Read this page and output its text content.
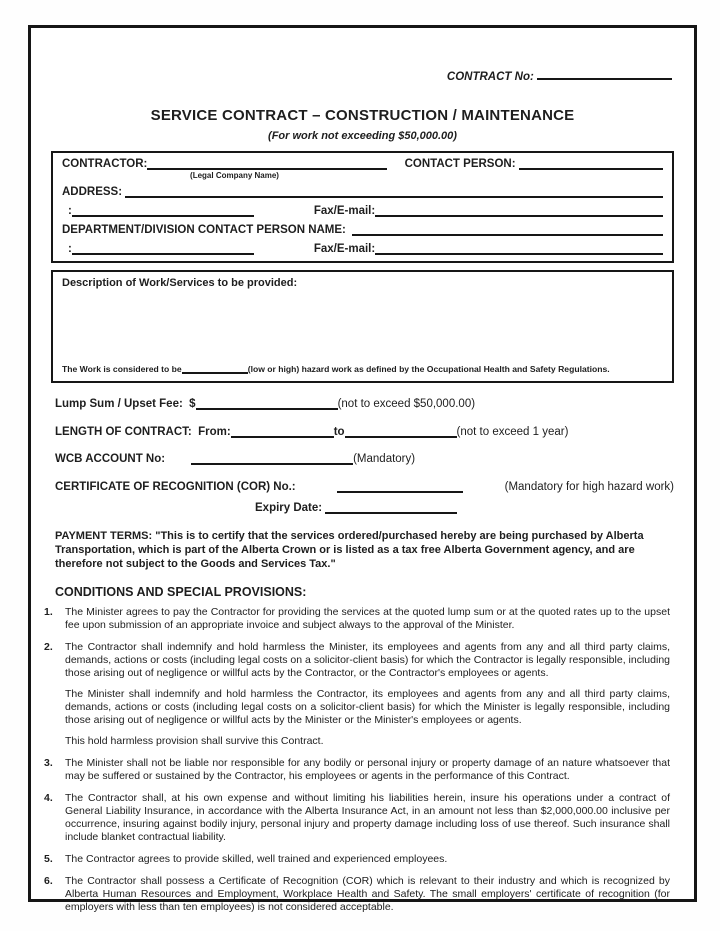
CONTRACT No:

SERVICE CONTRACT – CONSTRUCTION / MAINTENANCE
(For work not exceeding $50,000.00)
CONTRACTOR:	CONTACT PERSON:
(Legal Company Name)
ADDRESS:
:	Fax/E-mail:
DEPARTMENT/DIVISION CONTACT PERSON NAME:
:	Fax/E-mail:
Description of Work/Services to be provided:
The Work is considered to be	(low or high) hazard work as defined by the Occupational Health and Safety Regulations.
Lump Sum / Upset Fee:  $	(not to exceed $50,000.00)
LENGTH OF CONTRACT:  From:	to	(not to exceed 1 year)
WCB ACCOUNT No:	(Mandatory)
CERTIFICATE OF RECOGNITION (COR) No.:	(Mandatory for high hazard work)
Expiry Date:
PAYMENT TERMS: "This is to certify that the services ordered/purchased hereby are being purchased by Alberta Transportation, which is part of the Alberta Crown or is listed as a tax free Alberta Government agency, and are therefore not subject to the Goods and Services Tax."
CONDITIONS AND SPECIAL PROVISIONS:
1.	The Minister agrees to pay the Contractor for providing the services at the quoted lump sum or at the quoted rates up to the upset fee upon submission of an appropriate invoice and subject always to the approval of the Minister.

2.	The Contractor shall indemnify and hold harmless the Minister, its employees and agents from any and all third party claims, demands, actions or costs (including legal costs on a solicitor-client basis) for which the Contractor is legally responsible, including those arising out of negligence or willful acts by the Contractor, or the Contractor's employees or agents.

The Minister shall indemnify and hold harmless the Contractor, its employees and agents from any and all third party claims, demands, actions or costs (including legal costs on a solicitor-client basis) for which the Minister is legally responsible, including those arising out of negligence or willful acts by the Minister or the Minister's employees or agents.

This hold harmless provision shall survive this Contract.

3.	The Minister shall not be liable nor responsible for any bodily or personal injury or property damage of an nature whatsoever that may be suffered or sustained by the Contractor, his employees or agents in the performance of this Contract.

4.	The Contractor shall, at his own expense and without limiting his liabilities herein, insure his operations under a contract of General Liability Insurance, in accordance with the Alberta Insurance Act, in an amount not less than $2,000,000.00 inclusive per occurrence, insuring against bodily injury, personal injury and property damage including loss of use thereof. Such insurance shall include blanket contractual liability.

5.	The Contractor agrees to provide skilled, well trained and experienced employees.

6.	The Contractor shall possess a Certificate of Recognition (COR) which is relevant to their industry and which is recognized by Alberta Human Resources and Employment, Workplace Health and Safety. The small employers' certificate of recognition (for employers with less than ten employees) is not considered acceptable.
